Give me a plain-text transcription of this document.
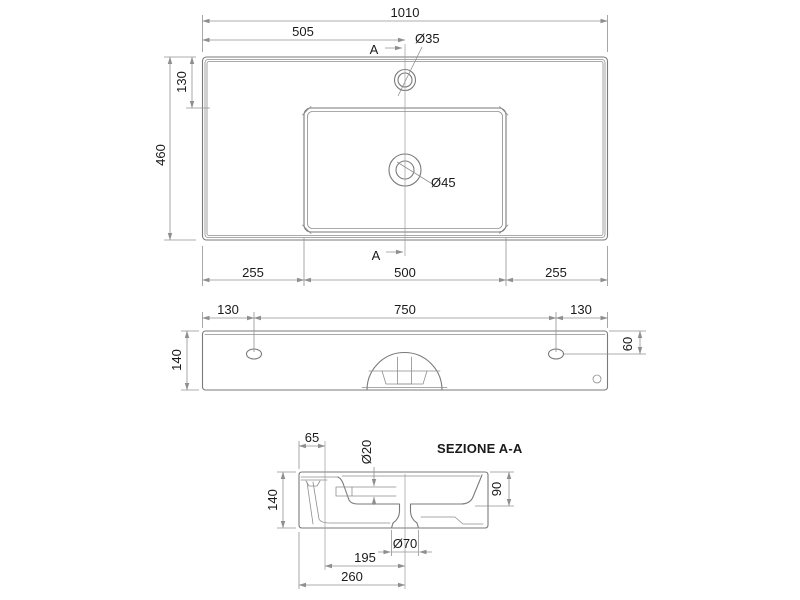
Ø35
Ø45
A
A
1010
505
460
130
255	500	255
130	750	130
140
60
SEZIONE A-A
65
Ø20
140
90
Ø70
195
260
